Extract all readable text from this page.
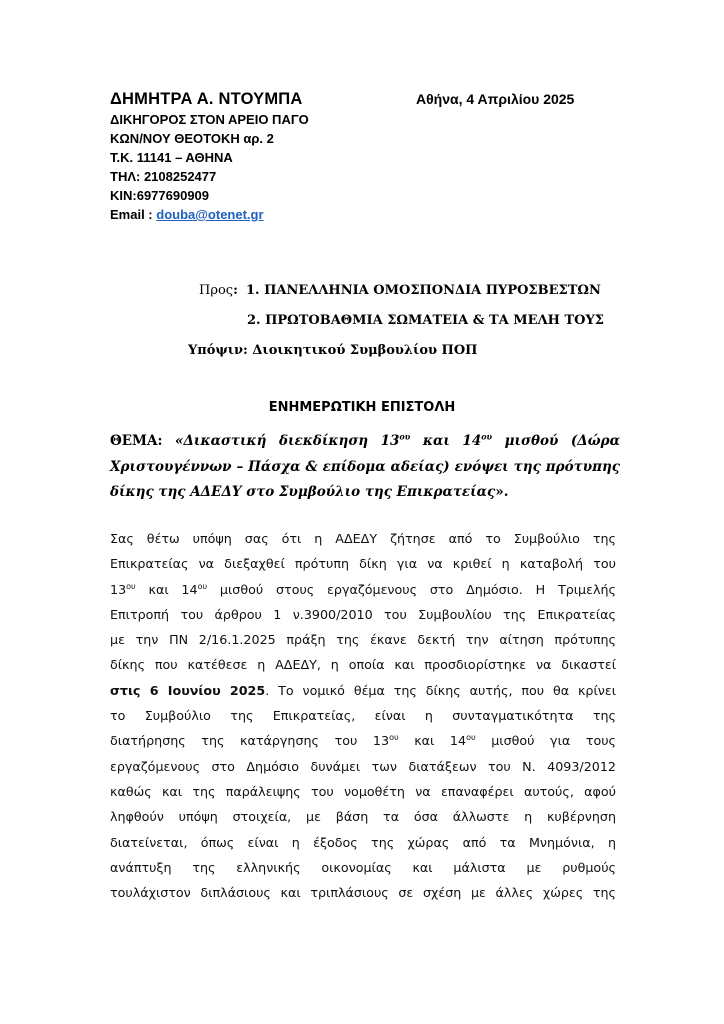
ΔΗΜΗΤΡΑ Α. ΝΤΟΥΜΠΑ
ΔΙΚΗΓΟΡΟΣ ΣΤΟΝ ΑΡΕΙΟ ΠΑΓΟ
ΚΩΝ/ΝΟΥ ΘΕΟΤΟΚΗ αρ. 2
Τ.Κ. 11141 – ΑΘΗΝΑ
ΤΗΛ: 2108252477
ΚΙΝ:6977690909
Email : douba@otenet.gr
Αθήνα, 4 Απριλίου 2025
Προς: 1. ΠΑΝΕΛΛΗΝΙΑ ΟΜΟΣΠΟΝΔΙΑ ΠΥΡΟΣΒΕΣΤΩΝ
2. ΠΡΩΤΟΒΑΘΜΙΑ ΣΩΜΑΤΕΙΑ & ΤΑ ΜΕΛΗ ΤΟΥΣ
Υπόψιν: Διοικητικού Συμβουλίου ΠΟΠ
ΕΝΗΜΕΡΩΤΙΚΗ ΕΠΙΣΤΟΛΗ
ΘΕΜΑ: «Δικαστική διεκδίκηση $13^{o\upsilon}$ και $14^{o\upsilon}$ μισθού (Δώρα Χριστουγέννων – Πάσχα & επίδομα αδείας) ενόψει της πρότυπης δίκης της ΑΔΕΔΥ στο Συμβούλιο της Επικρατείας».
Σας θέτω υπόψη σας ότι η ΑΔΕΔΥ ζήτησε από το Συμβούλιο της
Επικρατείας να διεξαχθεί πρότυπη δίκη για να κριθεί η καταβολή του
$13^{o\upsilon}$ και $14^{o\upsilon}$ μισθού στους εργαζόμενους στο Δημόσιο. Η Τριμελής
Επιτροπή του άρθρου 1 ν.3900/2010 του Συμβουλίου της Επικρατείας
με την ΠΝ 2/16.1.2025 πράξη της έκανε δεκτή την αίτηση πρότυπης
δίκης που κατέθεσε η ΑΔΕΔΥ, η οποία και προσδιορίστηκε να δικαστεί
στις 6 Ιουνίου 2025. Το νομικό θέμα της δίκης αυτής, που θα κρίνει
το Συμβούλιο της Επικρατείας, είναι η συνταγματικότητα της
διατήρησης της κατάργησης του $13^{o\upsilon}$ και $14^{o\upsilon}$ μισθού για τους
εργαζόμενους στο Δημόσιο δυνάμει των διατάξεων του Ν. 4093/2012
καθώς και της παράλειψης του νομοθέτη να επαναφέρει αυτούς, αφού
ληφθούν υπόψη στοιχεία, με βάση τα όσα άλλωστε η κυβέρνηση
διατείνεται, όπως είναι η έξοδος της χώρας από τα Μνημόνια, η
ανάπτυξη της ελληνικής οικονομίας και μάλιστα με ρυθμούς
τουλάχιστον διπλάσιους και τριπλάσιους σε σχέση με άλλες χώρες της
